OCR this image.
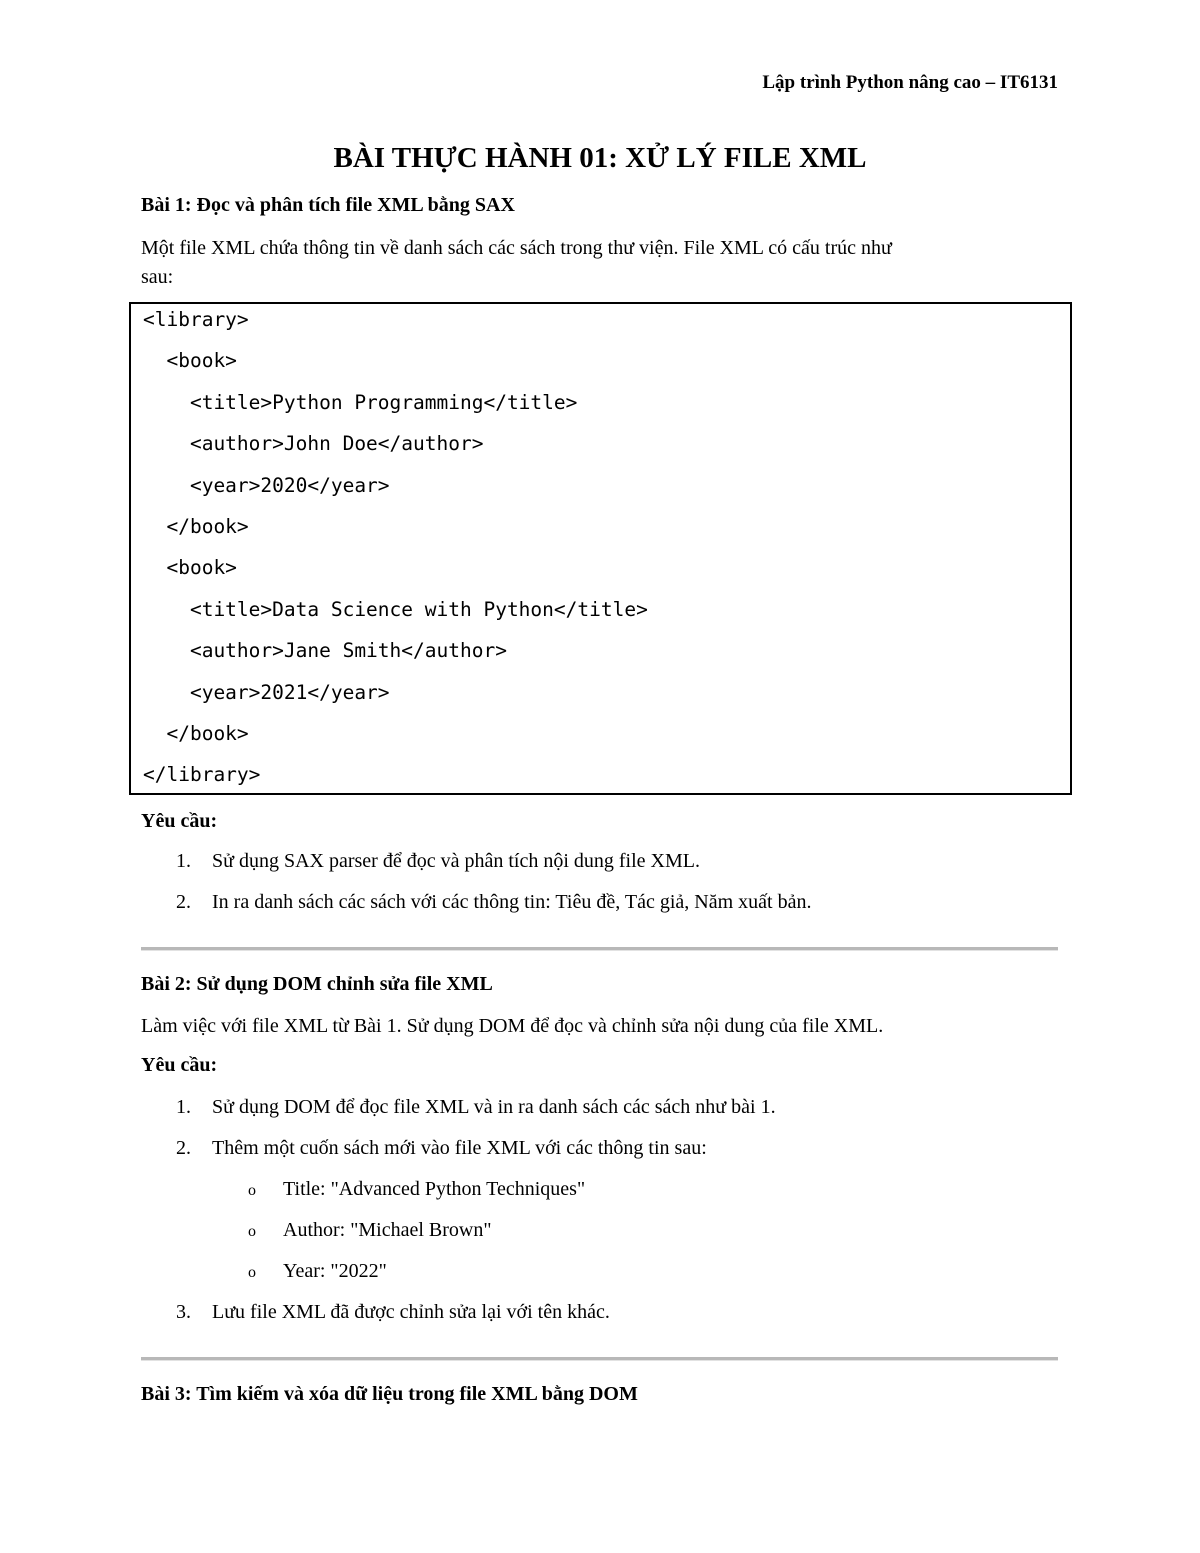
Lập trình Python nâng cao – IT6131
BÀI THỰC HÀNH 01: XỬ LÝ FILE XML
Bài 1: Đọc và phân tích file XML bằng SAX
Một file XML chứa thông tin về danh sách các sách trong thư viện. File XML có cấu trúc như
sau:
<library>
<book>
<title>Python Programming</title>
<author>John Doe</author>
<year>2020</year>
</book>
<book>
<title>Data Science with Python</title>
<author>Jane Smith</author>
<year>2021</year>
</book>
</library>
Yêu cầu:
1. Sử dụng SAX parser để đọc và phân tích nội dung file XML.
2. In ra danh sách các sách với các thông tin: Tiêu đề, Tác giả, Năm xuất bản.
Bài 2: Sử dụng DOM chỉnh sửa file XML
Làm việc với file XML từ Bài 1. Sử dụng DOM để đọc và chỉnh sửa nội dung của file XML.
Yêu cầu:
1. Sử dụng DOM để đọc file XML và in ra danh sách các sách như bài 1.
2. Thêm một cuốn sách mới vào file XML với các thông tin sau:
o Title: "Advanced Python Techniques"
o Author: "Michael Brown"
o Year: "2022"
3. Lưu file XML đã được chỉnh sửa lại với tên khác.
Bài 3: Tìm kiếm và xóa dữ liệu trong file XML bằng DOM
